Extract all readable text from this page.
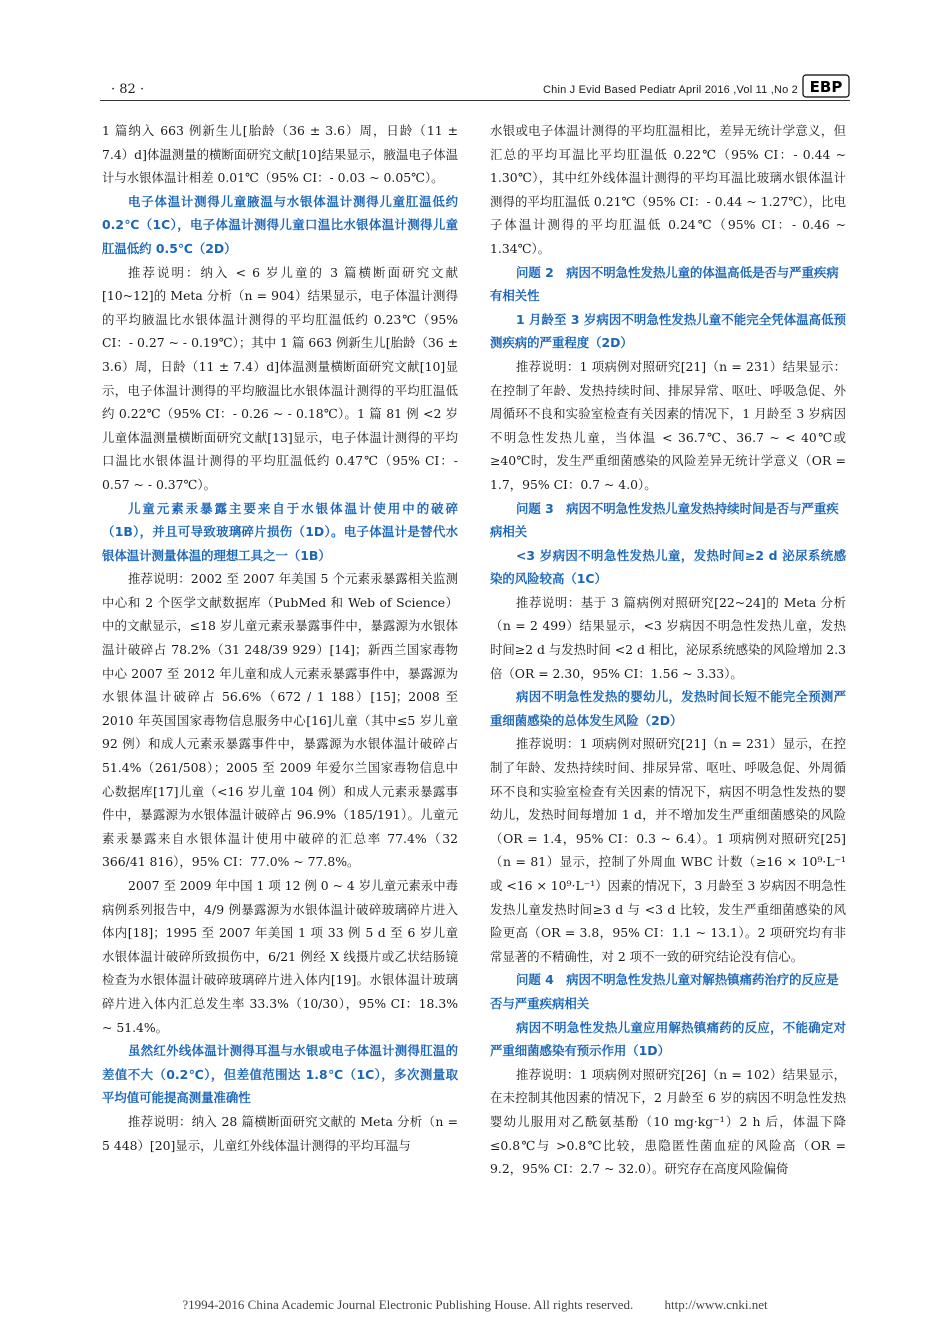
· 82 ·	Chin J Evid Based Pediatr April 2016 ,Vol 11 ,No 2 EBP

1 篇纳入 663 例新生儿[胎龄（36 ± 3.6）周，日龄（11 ± 7.4）d]体温测量的横断面研究文献[10]结果显示，腋温电子体温计与水银体温计相差 0.01℃（95% CI：- 0.03 ~ 0.05℃）。

电子体温计测得儿童腋温与水银体温计测得儿童肛温低约 0.2℃（1C），电子体温计测得儿童口温比水银体温计测得儿童肛温低约 0.5℃（2D）

推荐说明：纳入 < 6 岁儿童的 3 篇横断面研究文献[10~12]的 Meta 分析（n = 904）结果显示，电子体温计测得的平均腋温比水银体温计测得的平均肛温低约 0.23℃（95% CI：- 0.27 ~ - 0.19℃）；其中 1 篇 663 例新生儿[胎龄（36 ± 3.6）周，日龄（11 ± 7.4）d]体温测量横断面研究文献[10]显示，电子体温计测得的平均腋温比水银体温计测得的平均肛温低约 0.22℃（95% CI：- 0.26 ~ - 0.18℃）。1 篇 81 例 <2 岁儿童体温测量横断面研究文献[13]显示，电子体温计测得的平均口温比水银体温计测得的平均肛温低约 0.47℃（95% CI：- 0.57 ~ - 0.37℃）。

儿童元素汞暴露主要来自于水银体温计使用中的破碎（1B），并且可导致玻璃碎片损伤（1D）。电子体温计是替代水银体温计测量体温的理想工具之一（1B）

推荐说明：2002 至 2007 年美国 5 个元素汞暴露相关监测中心和 2 个医学文献数据库（PubMed 和 Web of Science）中的文献显示，≤18 岁儿童元素汞暴露事件中，暴露源为水银体温计破碎占 78.2%（31 248/39 929）[14]；新西兰国家毒物中心 2007 至 2012 年儿童和成人元素汞暴露事件中，暴露源为水银体温计破碎占 56.6%（672 / 1 188）[15]；2008 至 2010 年英国国家毒物信息服务中心[16]儿童（其中≤5 岁儿童 92 例）和成人元素汞暴露事件中，暴露源为水银体温计破碎占 51.4%（261/508）；2005 至 2009 年爱尔兰国家毒物信息中心数据库[17]儿童（<16 岁儿童 104 例）和成人元素汞暴露事件中，暴露源为水银体温计破碎占 96.9%（185/191）。儿童元素汞暴露来自水银体温计使用中破碎的汇总率 77.4%（32 366/41 816），95% CI：77.0% ~ 77.8%。

2007 至 2009 年中国 1 项 12 例 0 ~ 4 岁儿童元素汞中毒病例系列报告中，4/9 例暴露源为水银体温计破碎玻璃碎片进入体内[18]；1995 至 2007 年美国 1 项 33 例 5 d 至 6 岁儿童水银体温计破碎所致损伤中，6/21 例经 X 线摄片或乙状结肠镜检查为水银体温计破碎玻璃碎片进入体内[19]。水银体温计玻璃碎片进入体内汇总发生率 33.3%（10/30），95% CI：18.3% ~ 51.4%。

虽然红外线体温计测得耳温与水银或电子体温计测得肛温的差值不大（0.2℃），但差值范围达 1.8℃（1C），多次测量取平均值可能提高测量准确性

推荐说明：纳入 28 篇横断面研究文献的 Meta 分析（n = 5 448）[20]显示，儿童红外线体温计测得的平均耳温与

水银或电子体温计测得的平均肛温相比，差异无统计学意义，但汇总的平均耳温比平均肛温低 0.22℃（95% CI：- 0.44 ~ 1.30℃），其中红外线体温计测得的平均耳温比玻璃水银体温计测得的平均肛温低 0.21℃（95% CI：- 0.44 ~ 1.27℃），比电子体温计测得的平均肛温低 0.24℃（95% CI：- 0.46 ~ 1.34℃）。

问题 2　病因不明急性发热儿童的体温高低是否与严重疾病有相关性

1 月龄至 3 岁病因不明急性发热儿童不能完全凭体温高低预测疾病的严重程度（2D）

推荐说明：1 项病例对照研究[21]（n = 231）结果显示：在控制了年龄、发热持续时间、排尿异常、呕吐、呼吸急促、外周循环不良和实验室检查有关因素的情况下，1 月龄至 3 岁病因不明急性发热儿童，当体温 < 36.7℃、36.7 ~ < 40℃或≥40℃时，发生严重细菌感染的风险差异无统计学意义（OR = 1.7，95% CI：0.7 ~ 4.0）。

问题 3　病因不明急性发热儿童发热持续时间是否与严重疾病相关

<3 岁病因不明急性发热儿童，发热时间≥2 d 泌尿系统感染的风险较高（1C）

推荐说明：基于 3 篇病例对照研究[22~24]的 Meta 分析（n = 2 499）结果显示，<3 岁病因不明急性发热儿童，发热时间≥2 d 与发热时间 <2 d 相比，泌尿系统感染的风险增加 2.3 倍（OR = 2.30，95% CI：1.56 ~ 3.33）。

病因不明急性发热的婴幼儿，发热时间长短不能完全预测严重细菌感染的总体发生风险（2D）

推荐说明：1 项病例对照研究[21]（n = 231）显示，在控制了年龄、发热持续时间、排尿异常、呕吐、呼吸急促、外周循环不良和实验室检查有关因素的情况下，病因不明急性发热的婴幼儿，发热时间每增加 1 d，并不增加发生严重细菌感染的风险（OR = 1.4，95% CI：0.3 ~ 6.4）。1 项病例对照研究[25]（n = 81）显示，控制了外周血 WBC 计数（≥16 × 10⁹·L⁻¹或 <16 × 10⁹·L⁻¹）因素的情况下，3 月龄至 3 岁病因不明急性发热儿童发热时间≥3 d 与 <3 d 比较，发生严重细菌感染的风险更高（OR = 3.8，95% CI：1.1 ~ 13.1）。2 项研究均有非常显著的不精确性，对 2 项不一致的研究结论没有信心。

问题 4　病因不明急性发热儿童对解热镇痛药治疗的反应是否与严重疾病相关

病因不明急性发热儿童应用解热镇痛药的反应，不能确定对严重细菌感染有预示作用（1D）

推荐说明：1 项病例对照研究[26]（n = 102）结果显示，在未控制其他因素的情况下，2 月龄至 6 岁的病因不明急性发热婴幼儿服用对乙酰氨基酚（10 mg·kg⁻¹）2 h 后，体温下降≤0.8℃与 >0.8℃比较，患隐匿性菌血症的风险高（OR = 9.2，95% CI：2.7 ~ 32.0）。研究存在高度风险偏倚

?1994-2016 China Academic Journal Electronic Publishing House. All rights reserved. http://www.cnki.net
